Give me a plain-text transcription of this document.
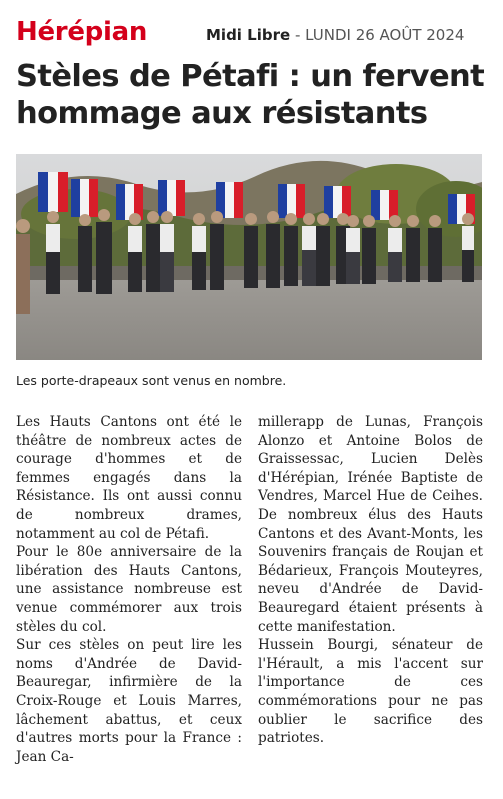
Hérépian	Midi Libre - LUNDI 26 AOÛT 2024
Stèles de Pétafi : un fervent hommage aux résistants
Les porte-drapeaux sont venus en nombre.

Les Hauts Cantons ont été le théâtre de nombreux actes de courage d'hommes et de femmes engagés dans la Résistance. Ils ont aussi connu de nombreux drames, notamment au col de Pétafi.

Pour le 80e anniversaire de la libération des Hauts Cantons, une assistance nombreuse est venue commémorer aux trois stèles du col.

Sur ces stèles on peut lire les noms d'Andrée de David-Beauregar, infirmière de la Croix-Rouge et Louis Marres, lâchement abattus, et ceux d'autres morts pour la France : Jean Ca-

millerapp de Lunas, François Alonzo et Antoine Bolos de Graissessac, Lucien Delès d'Hérépian, Irénée Baptiste de Vendres, Marcel Hue de Ceihes. De nombreux élus des Hauts Cantons et des Avant-Monts, les Souvenirs français de Roujan et Bédarieux, François Mouteyres, neveu d'Andrée de David-Beauregard étaient présents à cette manifestation.

Hussein Bourgi, sénateur de l'Hérault, a mis l'accent sur l'importance de ces commémorations pour ne pas oublier le sacrifice des patriotes.
